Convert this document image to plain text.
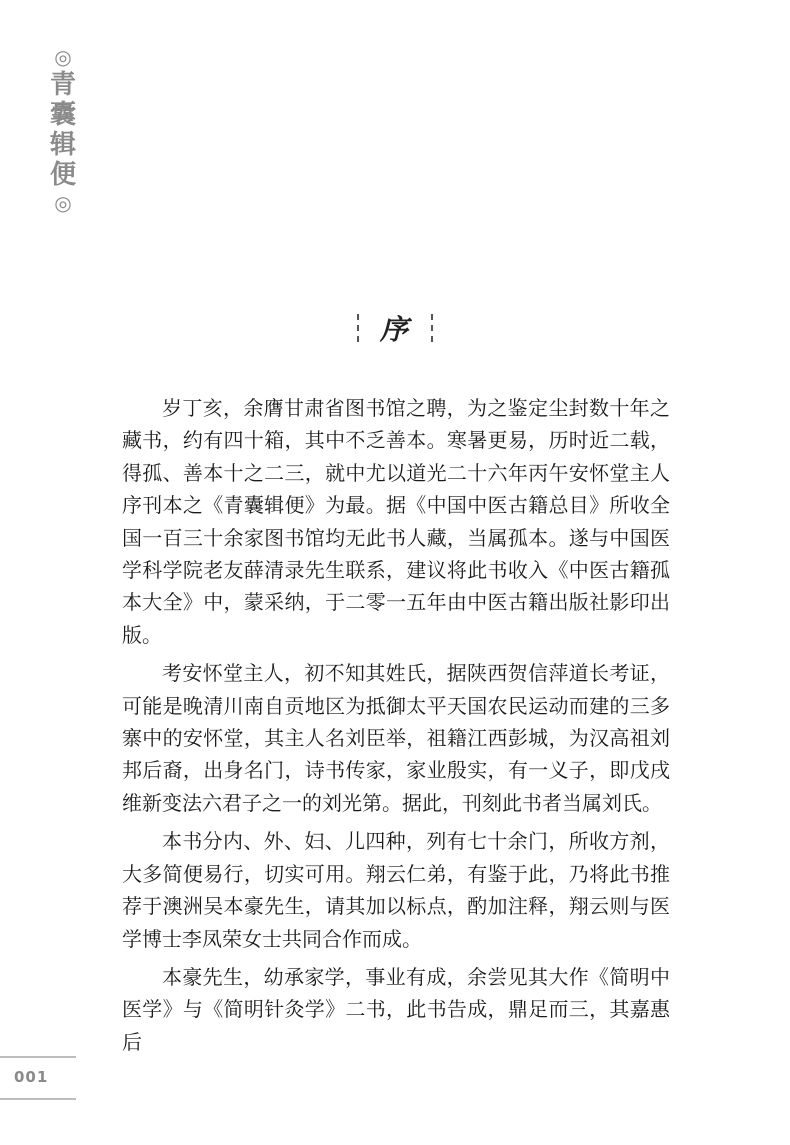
◎
青
囊
辑
便
◎
序

岁丁亥，余膺甘肃省图书馆之聘，为之鉴定尘封数十年之藏书，约有四十箱，其中不乏善本。寒暑更易，历时近二载，得孤、善本十之二三，就中尤以道光二十六年丙午安怀堂主人序刊本之《青囊辑便》为最。据《中国中医古籍总目》所收全国一百三十余家图书馆均无此书人藏，当属孤本。遂与中国医学科学院老友薛清录先生联系，建议将此书收入《中医古籍孤本大全》中，蒙采纳，于二零一五年由中医古籍出版社影印出版。

考安怀堂主人，初不知其姓氏，据陕西贺信萍道长考证，可能是晚清川南自贡地区为抵御太平天国农民运动而建的三多寨中的安怀堂，其主人名刘臣举，祖籍江西彭城，为汉高祖刘邦后裔，出身名门，诗书传家，家业殷实，有一义子，即戊戌维新变法六君子之一的刘光第。据此，刊刻此书者当属刘氏。

本书分内、外、妇、儿四种，列有七十余门，所收方剂，大多简便易行，切实可用。翔云仁弟，有鉴于此，乃将此书推荐于澳洲吴本豪先生，请其加以标点，酌加注释，翔云则与医学博士李凤荣女士共同合作而成。

本豪先生，幼承家学，事业有成，余尝见其大作《简明中医学》与《简明针灸学》二书，此书告成，鼎足而三，其嘉惠后

001
